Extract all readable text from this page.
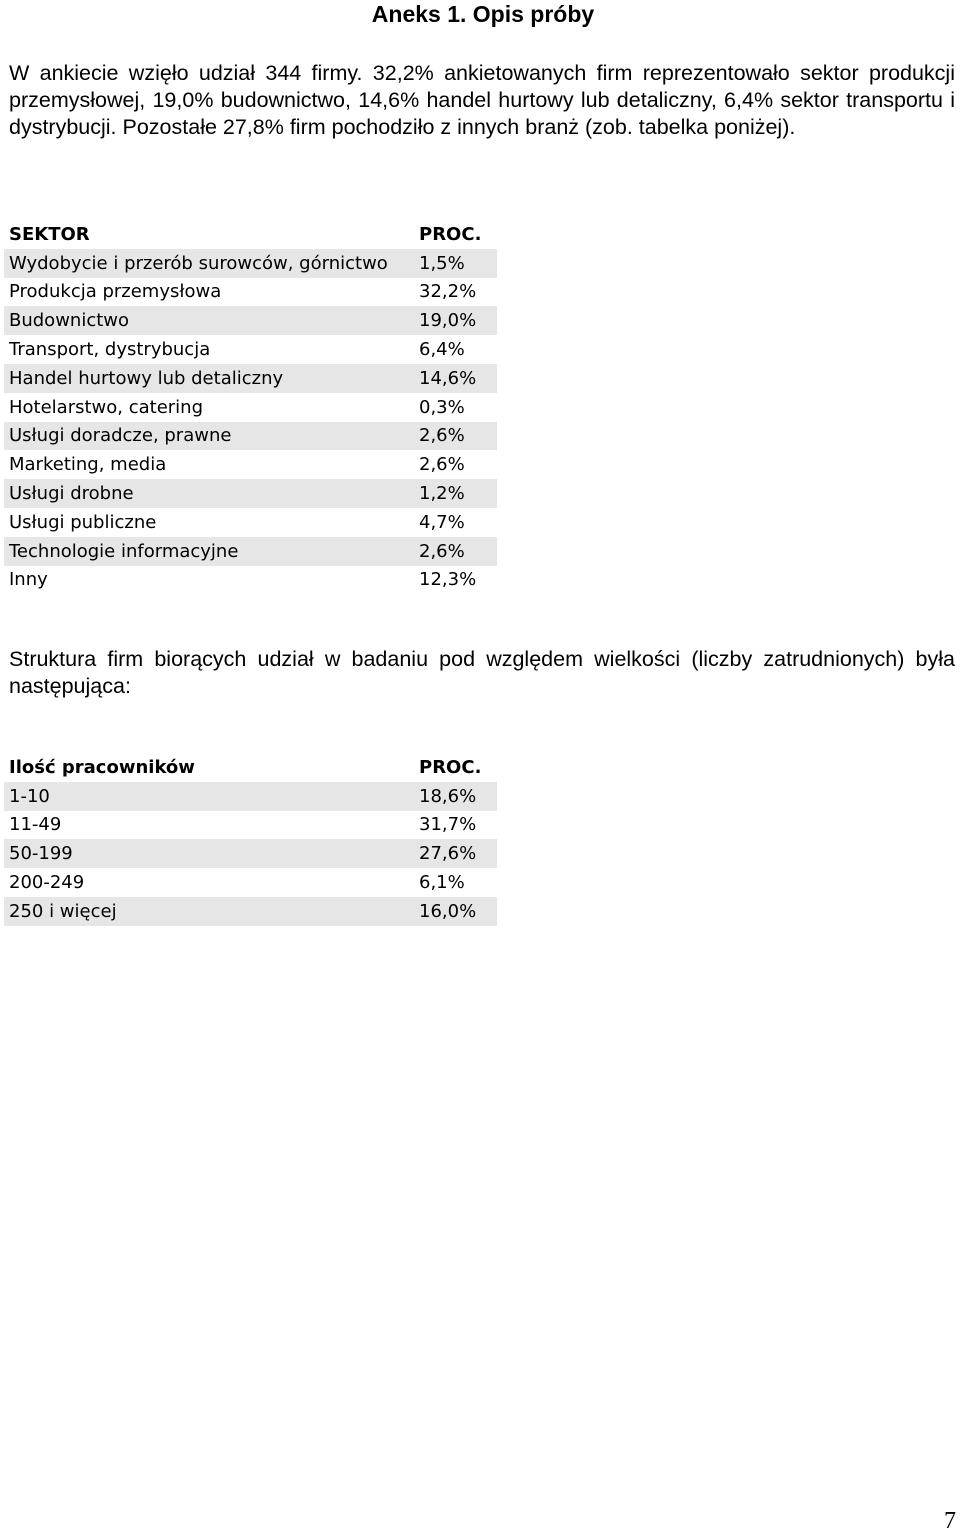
Aneks 1. Opis próby
W ankiecie wzięło udział 344 firmy. 32,2% ankietowanych firm reprezentowało sektor produkcji przemysłowej, 19,0% budownictwo, 14,6% handel hurtowy lub detaliczny, 6,4% sektor transportu i dystrybucji. Pozostałe 27,8% firm pochodziło z innych branż (zob. tabelka poniżej).
SEKTOR	PROC.
Wydobycie i przerób surowców, górnictwo	1,5%
Produkcja przemysłowa	32,2%
Budownictwo	19,0%
Transport, dystrybucja	6,4%
Handel hurtowy lub detaliczny	14,6%
Hotelarstwo, catering	0,3%
Usługi doradcze, prawne	2,6%
Marketing, media	2,6%
Usługi drobne	1,2%
Usługi publiczne	4,7%
Technologie informacyjne	2,6%
Inny	12,3%
Struktura firm biorących udział w badaniu pod względem wielkości (liczby zatrudnionych) była następująca:
Ilość pracowników	PROC.
1-10	18,6%
11-49	31,7%
50-199	27,6%
200-249	6,1%
250 i więcej	16,0%
7
